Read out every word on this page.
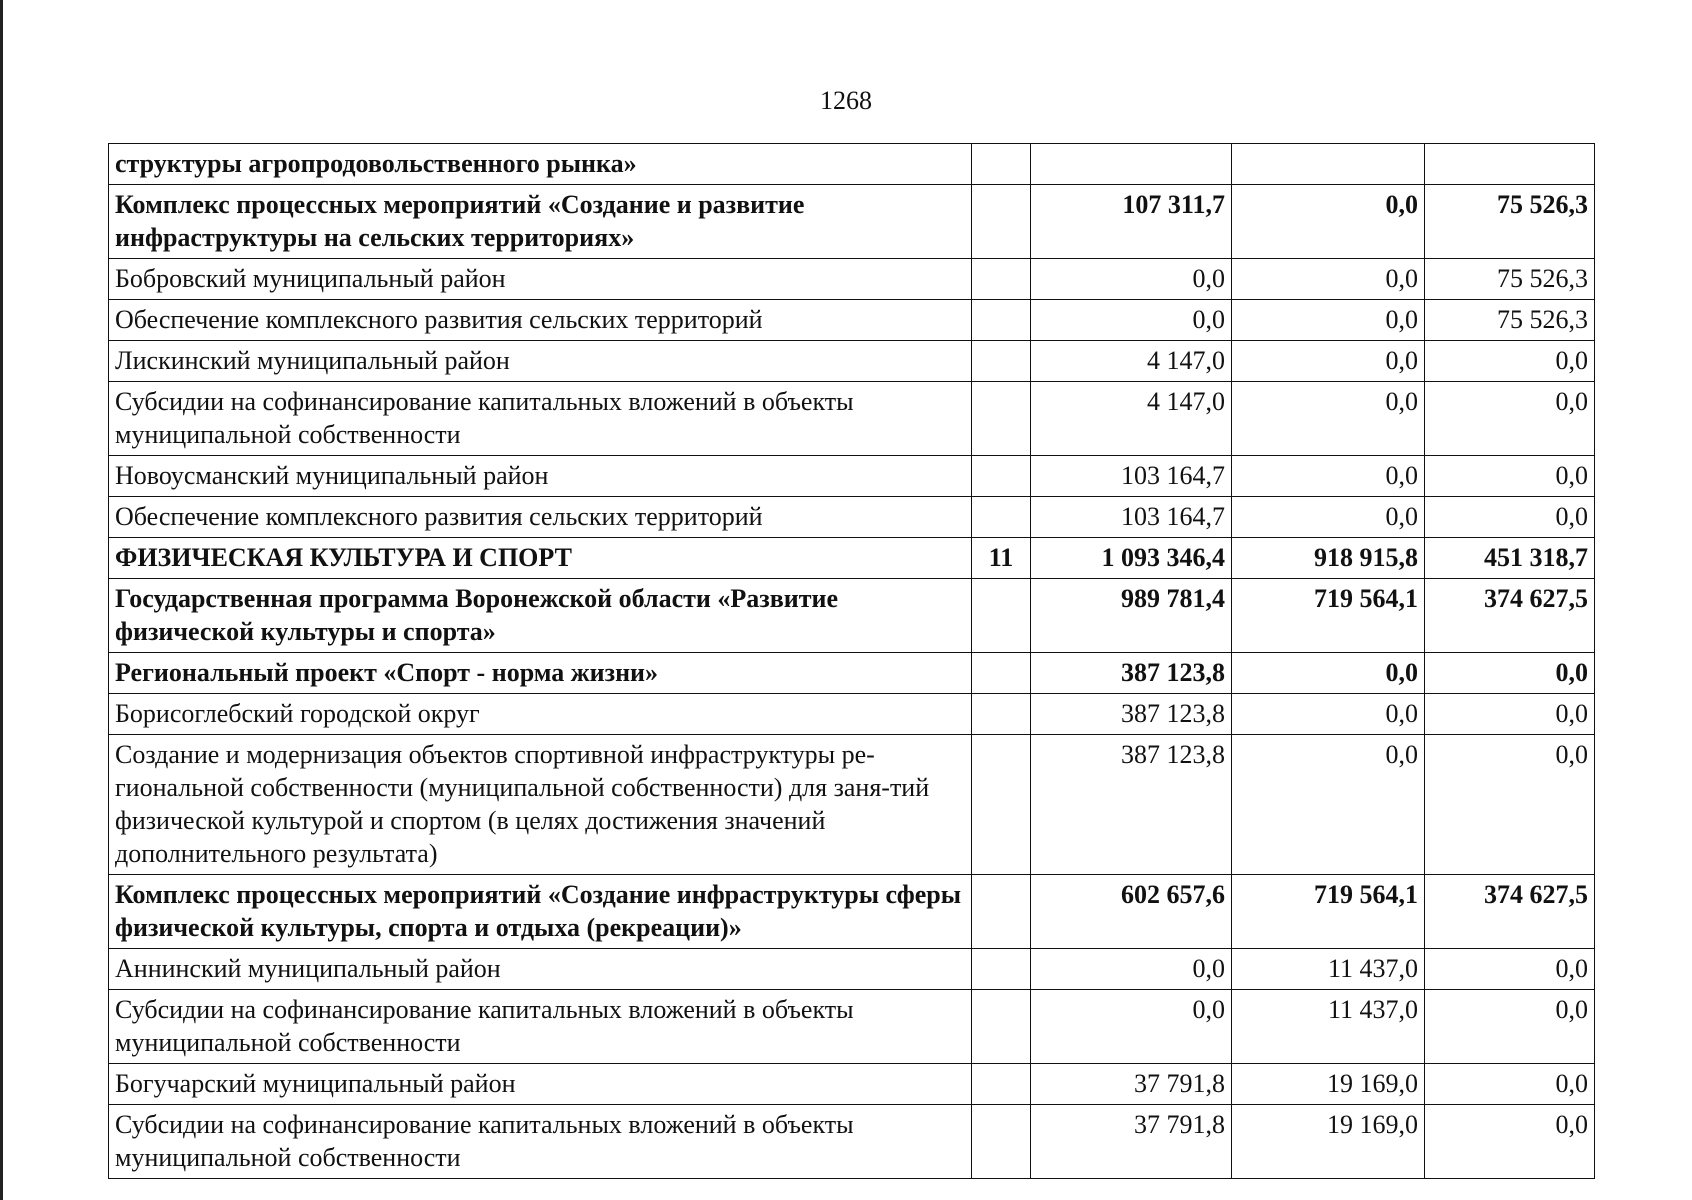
1268
структуры агропродовольственного рынка»				
Комплекс процессных мероприятий «Создание и развитие инфраструктуры на сельских территориях»		107 311,7	0,0	75 526,3
Бобровский муниципальный район		0,0	0,0	75 526,3
Обеспечение комплексного развития сельских территорий		0,0	0,0	75 526,3
Лискинский муниципальный район		4 147,0	0,0	0,0
Субсидии на софинансирование капитальных вложений в объекты муниципальной собственности		4 147,0	0,0	0,0
Новоусманский муниципальный район		103 164,7	0,0	0,0
Обеспечение комплексного развития сельских территорий		103 164,7	0,0	0,0
ФИЗИЧЕСКАЯ КУЛЬТУРА И СПОРТ	11	1 093 346,4	918 915,8	451 318,7
Государственная программа Воронежской области «Развитие физической культуры и спорта»		989 781,4	719 564,1	374 627,5
Региональный проект «Спорт - норма жизни»		387 123,8	0,0	0,0
Борисоглебский городской округ		387 123,8	0,0	0,0
Создание и модернизация объектов спортивной инфраструктуры ре-гиональной собственности (муниципальной собственности) для заня-тий физической культурой и спортом (в целях достижения значений дополнительного результата)		387 123,8	0,0	0,0
Комплекс процессных мероприятий «Создание инфраструктуры сферы физической культуры, спорта и отдыха (рекреации)»		602 657,6	719 564,1	374 627,5
Аннинский муниципальный район		0,0	11 437,0	0,0
Субсидии на софинансирование капитальных вложений в объекты муниципальной собственности		0,0	11 437,0	0,0
Богучарский муниципальный район		37 791,8	19 169,0	0,0
Субсидии на софинансирование капитальных вложений в объекты муниципальной собственности		37 791,8	19 169,0	0,0
